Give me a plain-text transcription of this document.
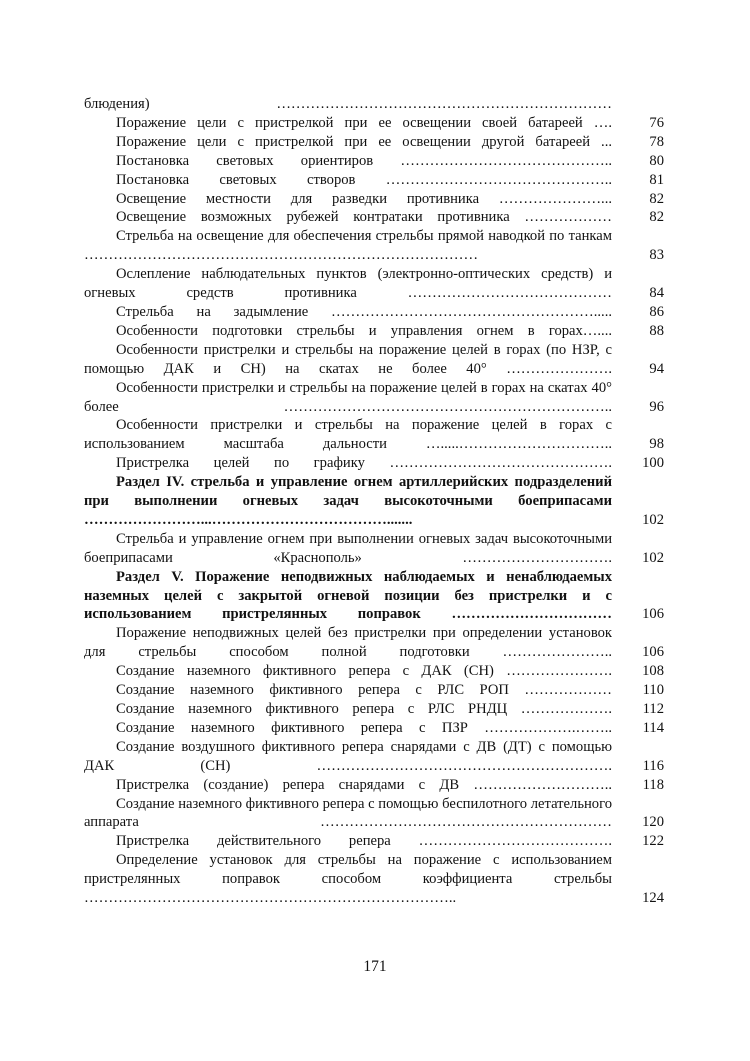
блюдения) ……………………………………………………………
Поражение цели с пристрелкой при ее освещении своей батареей ….	76
Поражение цели с пристрелкой при ее освещении другой батареей ...	78
Постановка световых ориентиров ……………………………………..	80
Постановка световых створов ………………………………………..	81
Освещение местности для разведки противника …………………...	82
Освещение возможных рубежей контратаки противника ………………	82
Стрельба на освещение для обеспечения стрельбы прямой наводкой по танкам ………………………………………………………………………	83
Ослепление наблюдательных пунктов (электронно-оптических средств) и огневых средств противника ……………………………………	84
Стрельба на задымление ……………………………………………….....	86
Особенности подготовки стрельбы и управления огнем в горах…....	88
Особенности пристрелки и стрельбы на поражение целей в горах (по НЗР, с помощью ДАК и СН) на скатах не более 40° ………………….	94
Особенности пристрелки и стрельбы на поражение целей в горах на скатах 40° более …………………………………………………………..	96
Особенности пристрелки и стрельбы на поражение целей в горах с использованием масштаба дальности ….....…………………………..	98
Пристрелка целей по графику ……………………………………….	100
Раздел IV. стрельба и управление огнем артиллерийских подразделений при выполнении огневых задач высокоточными боеприпасами ……………………...……………………………….......	102
Стрельба и управление огнем при выполнении огневых задач высокоточными боеприпасами «Краснополь» ………………………….	102
Раздел V. Поражение неподвижных наблюдаемых и ненаблюдаемых наземных целей с закрытой огневой позиции без пристрелки и с использованием пристрелянных поправок ……………………………	106
Поражение неподвижных целей без пристрелки при определении установок для стрельбы способом полной подготовки …………………..	106
Создание наземного фиктивного репера с ДАК (СН) ………………….	108
Создание наземного фиктивного репера с РЛС РОП ………………	110
Создание наземного фиктивного репера с РЛС РНДЦ ……………….	112
Создание наземного фиктивного репера с ПЗР ……………….……..	114
Создание воздушного фиктивного репера снарядами с ДВ (ДТ) с помощью ДАК (СН) …………………………………………………….	116
Пристрелка (создание) репера снарядами с ДВ ………………………..	118
Создание наземного фиктивного репера с помощью беспилотного летательного аппарата ……………………………………………………	120
Пристрелка действительного репера ………………………………….	122
Определение установок для стрельбы на поражение с использованием пристрелянных поправок способом коэффициента стрельбы …………………………………………………………………..	124
171
